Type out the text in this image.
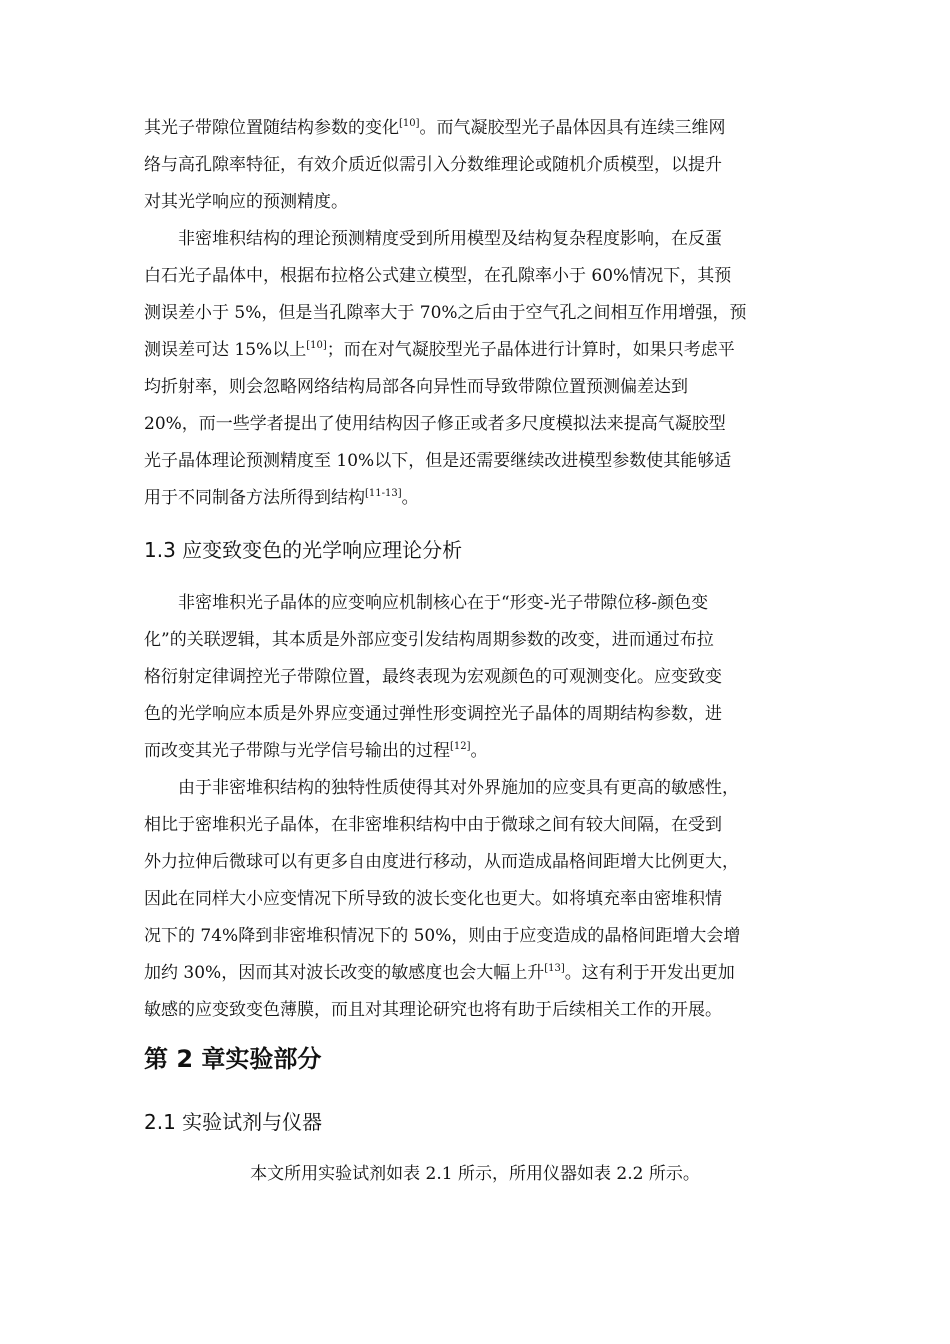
其光子带隙位置随结构参数的变化[10]。而气凝胶型光子晶体因具有连续三维网
络与高孔隙率特征，有效介质近似需引入分数维理论或随机介质模型，以提升
对其光学响应的预测精度。
非密堆积结构的理论预测精度受到所用模型及结构复杂程度影响，在反蛋
白石光子晶体中，根据布拉格公式建立模型，在孔隙率小于 60%情况下，其预
测误差小于 5%，但是当孔隙率大于 70%之后由于空气孔之间相互作用增强，预
测误差可达 15%以上[10]；而在对气凝胶型光子晶体进行计算时，如果只考虑平
均折射率，则会忽略网络结构局部各向异性而导致带隙位置预测偏差达到
20%，而一些学者提出了使用结构因子修正或者多尺度模拟法来提高气凝胶型
光子晶体理论预测精度至 10%以下，但是还需要继续改进模型参数使其能够适
用于不同制备方法所得到结构[11-13]。
1.3 应变致变色的光学响应理论分析
非密堆积光子晶体的应变响应机制核心在于“形变-光子带隙位移-颜色变
化”的关联逻辑，其本质是外部应变引发结构周期参数的改变，进而通过布拉
格衍射定律调控光子带隙位置，最终表现为宏观颜色的可观测变化。应变致变
色的光学响应本质是外界应变通过弹性形变调控光子晶体的周期结构参数，进
而改变其光子带隙与光学信号输出的过程[12]。
由于非密堆积结构的独特性质使得其对外界施加的应变具有更高的敏感性，
相比于密堆积光子晶体，在非密堆积结构中由于微球之间有较大间隔，在受到
外力拉伸后微球可以有更多自由度进行移动，从而造成晶格间距增大比例更大，
因此在同样大小应变情况下所导致的波长变化也更大。如将填充率由密堆积情
况下的 74%降到非密堆积情况下的 50%，则由于应变造成的晶格间距增大会增
加约 30%，因而其对波长改变的敏感度也会大幅上升[13]。这有利于开发出更加
敏感的应变致变色薄膜，而且对其理论研究也将有助于后续相关工作的开展。
第 2 章实验部分
2.1 实验试剂与仪器
本文所用实验试剂如表 2.1 所示，所用仪器如表 2.2 所示。
